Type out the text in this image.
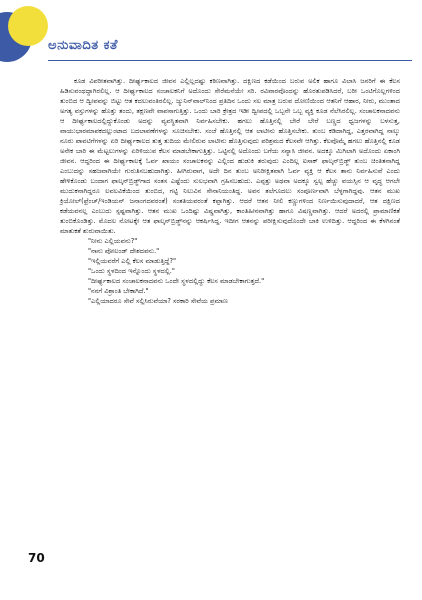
ಅನುವಾದಿತ ಕತೆ

ಕೂಡ ವಿಪರೀತವಾಗಿತ್ತು. ದೀರ್ಘ್ಯಕಾಲದ ಜೀವನ ಎಲ್ಲಿಲ್ಲದಷ್ಟು ಕಠಿಣವಾಗಿತ್ತು. ದಕ್ಷಿಣದ ಕಡೆಯಿಂದ ಬರುವ ಅಲಿಕ ಹಾಗೂ ವಿಲಾಸಿ ಜನರಿಗೆ ಈ ಕೆಲಸ ಹಿಡಿಸುವಂಥದ್ದಾಗಿರಲಿಲ್ಲ. ಆ ದೀರ್ಘ್ಯಕಾಲದ ಸಂಚಾಲಕನಿಗೆ ಅದೊಂದು ಸೇರೆಮನೆಯೇ ಸರಿ. ರವಿವಾರವೊಂದನ್ನು ಹೊರತುಪಡಿಸಿದರೆ, ಬರೀ ಒಂಟಿಗೊಲ್ಲಗಳಿಂದ ತುಂಬಿದ ಆ ದ್ವೀಪವನ್ನು ಬಿಟ್ಟು ಆತ ಕದಲುವಂತಿರಲಿಲ್ಲ. ಜ್ಯುನಿನ್‌ವಾಲ್‌ನಿಂದ ಪ್ರತಿದಿನ ಒಂದು ಸಲ ಮಾತ್ರ ಬರುವ ದೋಣಿಯಿಂದ ಆತನಿಗೆ ಆಹಾರ, ನೀರು, ಮುಂತಾದ ಅಗತ್ಯ ವಸ್ತುಗಳನ್ನು ಹೊತ್ತು ತಂದು, ತಕ್ಷಣವೇ ವಾಪಸಾಗುತ್ತಿತ್ತು. ಒಂದು ಬಾರಿ ಕ್ರೇತ್ರದ ಇಡೀ ದ್ವೀಪದಲ್ಲಿ ಒಬ್ಬನೇ ಒಬ್ಬ ವ್ಯಕ್ತಿ ಕೂಡ ನೆಲೆಸಿರಲಿಲ್ಲ. ಸಂಚಾಲಕನಾದವನು ಆ ದೀರ್ಘ್ಯಕಾಲದಲ್ಲಿದ್ದುಕೊಂಡು ಅದನ್ನು ವ್ಯವಸ್ಥಿತವಾಗಿ ನಿರ್ವಹಿಸಬೇಕು. ಹಗಲು ಹೊತ್ತಿನಲ್ಲಿ ಬೇರೆ ಬೇರೆ ಬಣ್ಣದ ಧ್ವಜಗಳನ್ನು ಬಳಸುತ್ತ, ವಾಯುಭಾರಮಾಪಕದಲ್ಲುಂಟಾದ ಬದಲಾವಣೆಗಳನ್ನು ಸೂಚಿಸಬೇಕು. ಸಂಜೆ ಹೊತ್ತಿನಲ್ಲಿ ಆತ ಲಾಟೀನು ಹೊತ್ತಿಸಬೇಕು. ತುಂಬ ಕಡಿದಾಗಿದ್ದ, ಎತ್ತರವಾಗಿದ್ದ ನಾಲ್ಕು ನೂರು ಪಾವಟಿಗೆಗಳನ್ನು ಏರಿ ದೀರ್ಘ್ಯಕಾಲದ ತುತ್ತ ತುದಿಯ ಮೇಲಿರುವ ಲಾಟೀನು ಹೊತ್ತಿಸುವುದು ಪರಿಶ್ರಮದ ಕೆಲಸವೇ ಆಗಿತ್ತು. ಕೆಲವೊಮ್ಮೆ ಹಗಲು ಹೊತ್ತಿನಲ್ಲಿ ಕೂಡ ಅನೇಕ ಬಾರಿ ಈ ಮೆಟ್ಟಲುಗಳನ್ನು ಏರಿಳಿಯುವ ಕೆಲಸ ಮಾಡಬೇಕಾಗುತ್ತಿತ್ತು. ಒಟ್ಟಿನಲ್ಲಿ ಅದೊಂದು ಬಗೆಯ ಸನ್ಯಾಸಿ ಜೀವನ. ಅದಕ್ಕೂ ಮಿಗಿಲಾಗಿ ಅದೊಂದು ಏಕಾಂಗಿ ಜೀವನ. ಆದ್ದರಿಂದ ಈ ದೀರ್ಘ್ಯಕಾಲಕ್ಕೆ ಓರ್ವ ಖಾಯಂ ಸಂಚಾಲಕನನ್ನು ಎಲ್ಲಿಂದ ಹುಡುಕಿ ತರುವುದು ಎಂದಿಲ್ಲ ಐಸಾಕ್ ಫಾಲ್ಕನ್‌ಬ್ರಿಡ್ಜ್ ತುಂಬ ಚಿಂತಿತನಾಗಿದ್ದ ಎಂಬುದನ್ನು ಸಹಜವಾಗಿಯೇ ಗುರುತಿಸಬಹುದಾಗಿತ್ತು. ಹೀಗಿರುವಾಗ, ಅದೇ ದಿನ ತುಂಬ ಅನಿರೀಕ್ಷಿತವಾಗಿ ಓರ್ವ ವ್ಯಕ್ತಿ ಆ ಕೆಲಸ ತಾನು ನಿರ್ವಹಿಸುವೆ ಎಂದು ಹೇಳಿಕೊಂಡು ಬಂದಾಗ ಫಾಲ್ಕನ್‌ಬ್ರಿಡ್ಜ್‌ಗಾದ ಸಂತಸ ಎಷ್ಟೆಂದು ಸುಲಭವಾಗಿ ಗ್ರಹಿಸಬಹುದು. ಎಪ್ಪತ್ತು ಅಥವಾ ಅದಕ್ಕೂ ಸ್ವಲ್ಪ ಹೆಚ್ಚು ವಯಸ್ಸಿನ ಆ ವೃದ್ಧ ಆಗಲೇ ಮುದುಕನಾಗಿದ್ದರೂ ಲವಲವಿಕೆಯಿಂದ ತುಂಬಿದ, ಗಟ್ಟಿ ನಿಲುವಿನ ಸೇನಾನಿಯಂತಿದ್ದ. ಅವನ ತಲೆಗೂದಲು ಸಂಪೂರ್ಣವಾಗಿ ಬೆಳ್ಳಗಾಗಿದ್ದವು. ಆತನ ಮುಖ ಕ್ರಿಯೋಲ್‌(ಫ್ರೆಂಚ್‌/ಇಂಡಿಯನ್‌ ಜನಾಂಗದವರಂತೆ) ಸಂತತಿಯವರಂತೆ ಕಪ್ಪಾಗಿತ್ತು. ಆದರೆ ಆತನ ನೀಲಿ ಕಣ್ಣುಗಳಿಂದ ನಿರ್ಣಯಿಸುವುದಾದರೆ, ಆತ ದಕ್ಷಿಣದ ಕಡೆಯವನಲ್ಲ ಎಂಬುದು ಸ್ಪಷ್ಟವಾಗಿತ್ತು. ಆತನ ಮುಖ ಒಂದಿಷ್ಟು ವಿಷ್ಣವಾಗಿತ್ತು, ಕಾಂತಿಹೀನವಾಗಿತ್ತು ಹಾಗೂ ವಿಷಣ್ಣವಾಗಿತ್ತು. ಆದರೆ ಅದರಲ್ಲಿ ಪ್ರಾಮಾಣಿಕತೆ ತುಂಬಿಕೊಂಡಿತ್ತು. ಮೊದಲ ನೋಟಕ್ಕೇ ಆತ ಫಾಲ್ಕನ್‌ಬ್ರಿಡ್ಜ್‌ನನ್ನು ಆಕರ್ಷಿಸಿದ್ದ. ಇದೀಗ ಆತನನ್ನು ಪರೀಕ್ಷಿಸುವುದೊಂದೇ ಬಾಕಿ ಉಳಿದಿತ್ತು. ಆದ್ದರಿಂದ ಈ ಕೆಳಗಿನಂತೆ ಮಾತುಕತೆ ಶುರುವಾಯಿತು.

"ನೀನು ಎಲ್ಲಿಯವನು?"

"ನಾನು ಪೋಲಂಡ್ ದೇಶದವನು."

"ಇಲ್ಲಿಯವರೆಗೆ ಎಲ್ಲಿ ಕೆಲಸ ಮಾಡುತ್ತಿದ್ದೆ?"

"ಒಂದು ಸ್ಥಳದಿಂದ ಇನ್ನೊಂದು ಸ್ಥಳದಲ್ಲಿ."

"ದೀರ್ಘ್ಯಕಾಲದ ಸಂಚಾಲಕನಾದವನು ಒಂದೇ ಸ್ಥಳದಲ್ಲಿದ್ದು ಕೆಲಸ ಮಾಡಬೇಕಾಗುತ್ತದೆ."

"ನನಗೆ ವಿಶ್ರಾಂತಿ ಬೇಕಾಗಿದೆ."

"ಎಲ್ಲಿಯಾದರೂ ಸೇವೆ ಸಲ್ಲಿಸಿರುವೆಯಾ? ಸರಕಾರಿ ಸೇವೆಯ ಪ್ರಮಾಣ

70
